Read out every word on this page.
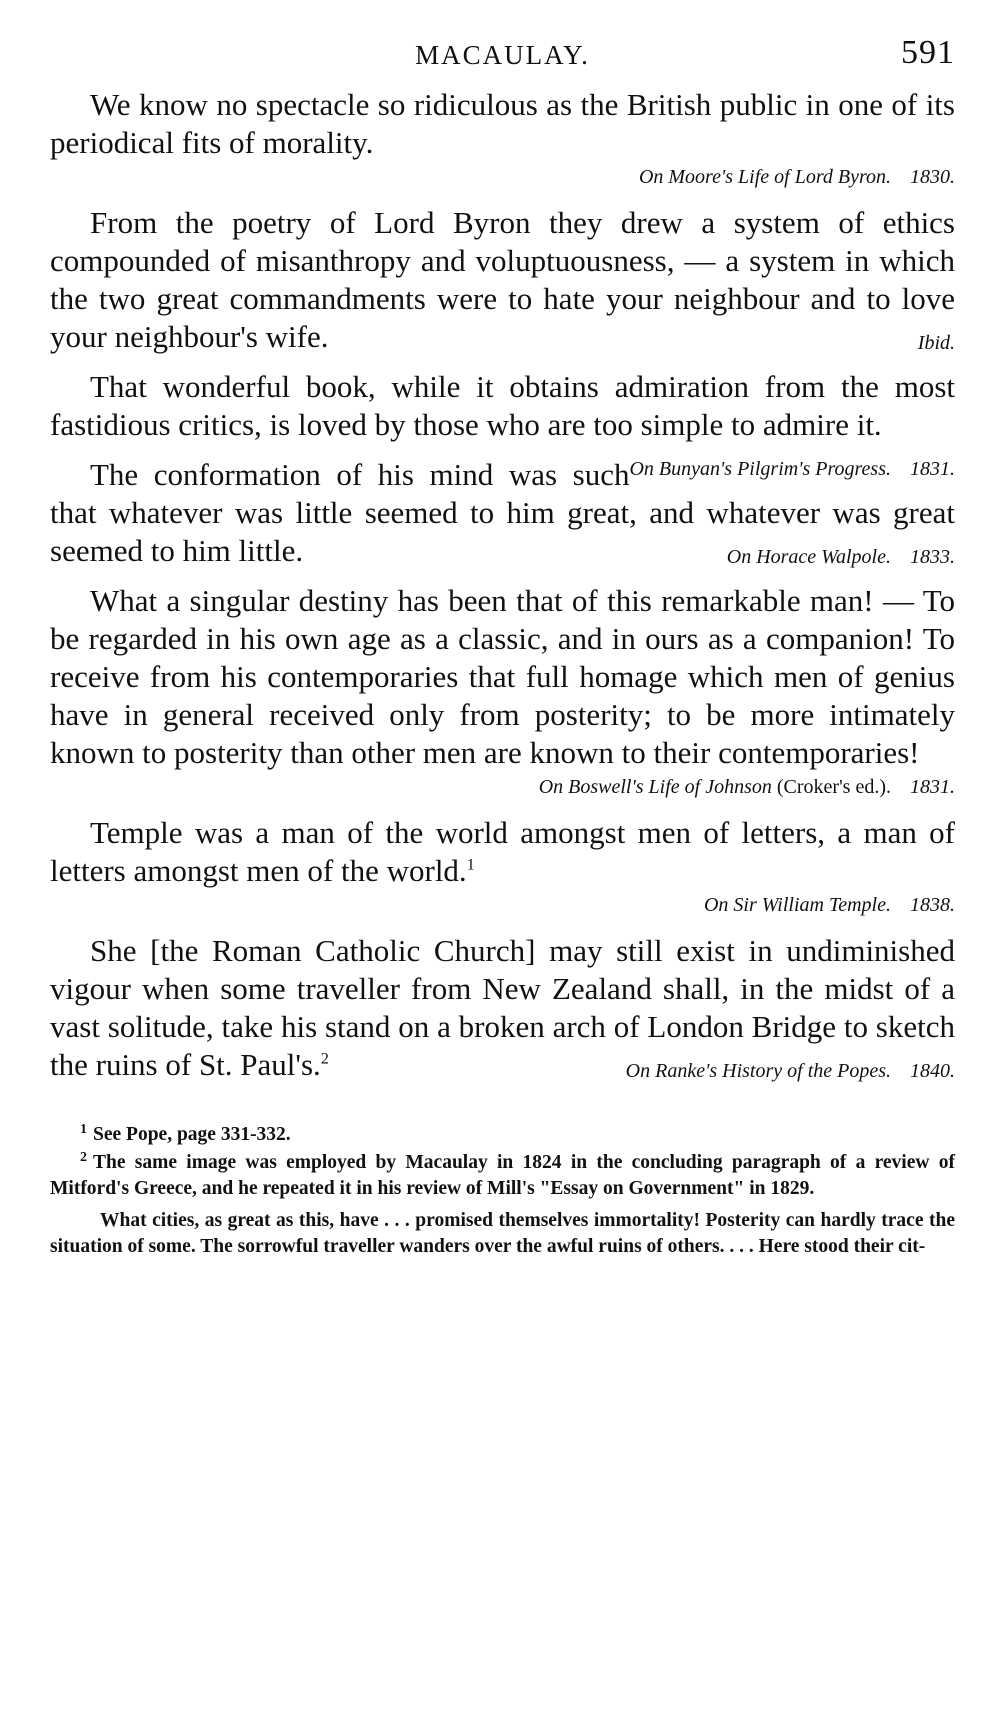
MACAULAY.	591

We know no spectacle so ridiculous as the British public in one of its periodical fits of morality.

On Moore's Life of Lord Byron. 1830.

From the poetry of Lord Byron they drew a system of ethics compounded of misanthropy and voluptuousness, — a system in which the two great commandments were to hate your neighbour and to love your neighbour's wife.	Ibid.

That wonderful book, while it obtains admiration from the most fastidious critics, is loved by those who are too simple to admire it.
On Bunyan's Pilgrim's Progress. 1831.

The conformation of his mind was such that whatever was little seemed to him great, and whatever was great seemed to him little.	On Horace Walpole. 1833.

What a singular destiny has been that of this remarkable man! — To be regarded in his own age as a classic, and in ours as a companion! To receive from his contemporaries that full homage which men of genius have in general received only from posterity; to be more intimately known to posterity than other men are known to their contemporaries!

On Boswell's Life of Johnson (Croker's ed.). 1831.

Temple was a man of the world amongst men of letters, a man of letters amongst men of the world.$^1$

On Sir William Temple. 1838.

She [the Roman Catholic Church] may still exist in undiminished vigour when some traveller from New Zealand shall, in the midst of a vast solitude, take his stand on a broken arch of London Bridge to sketch the ruins of St. Paul's.$^2$
On Ranke's History of the Popes. 1840.

$^1$ See Pope, page 331-332.

$^2$ The same image was employed by Macaulay in 1824 in the concluding paragraph of a review of Mitford's Greece, and he repeated it in his review of Mill's "Essay on Government" in 1829.

What cities, as great as this, have . . . promised themselves immortality! Posterity can hardly trace the situation of some. The sorrowful traveller wanders over the awful ruins of others. . . . Here stood their cit-
